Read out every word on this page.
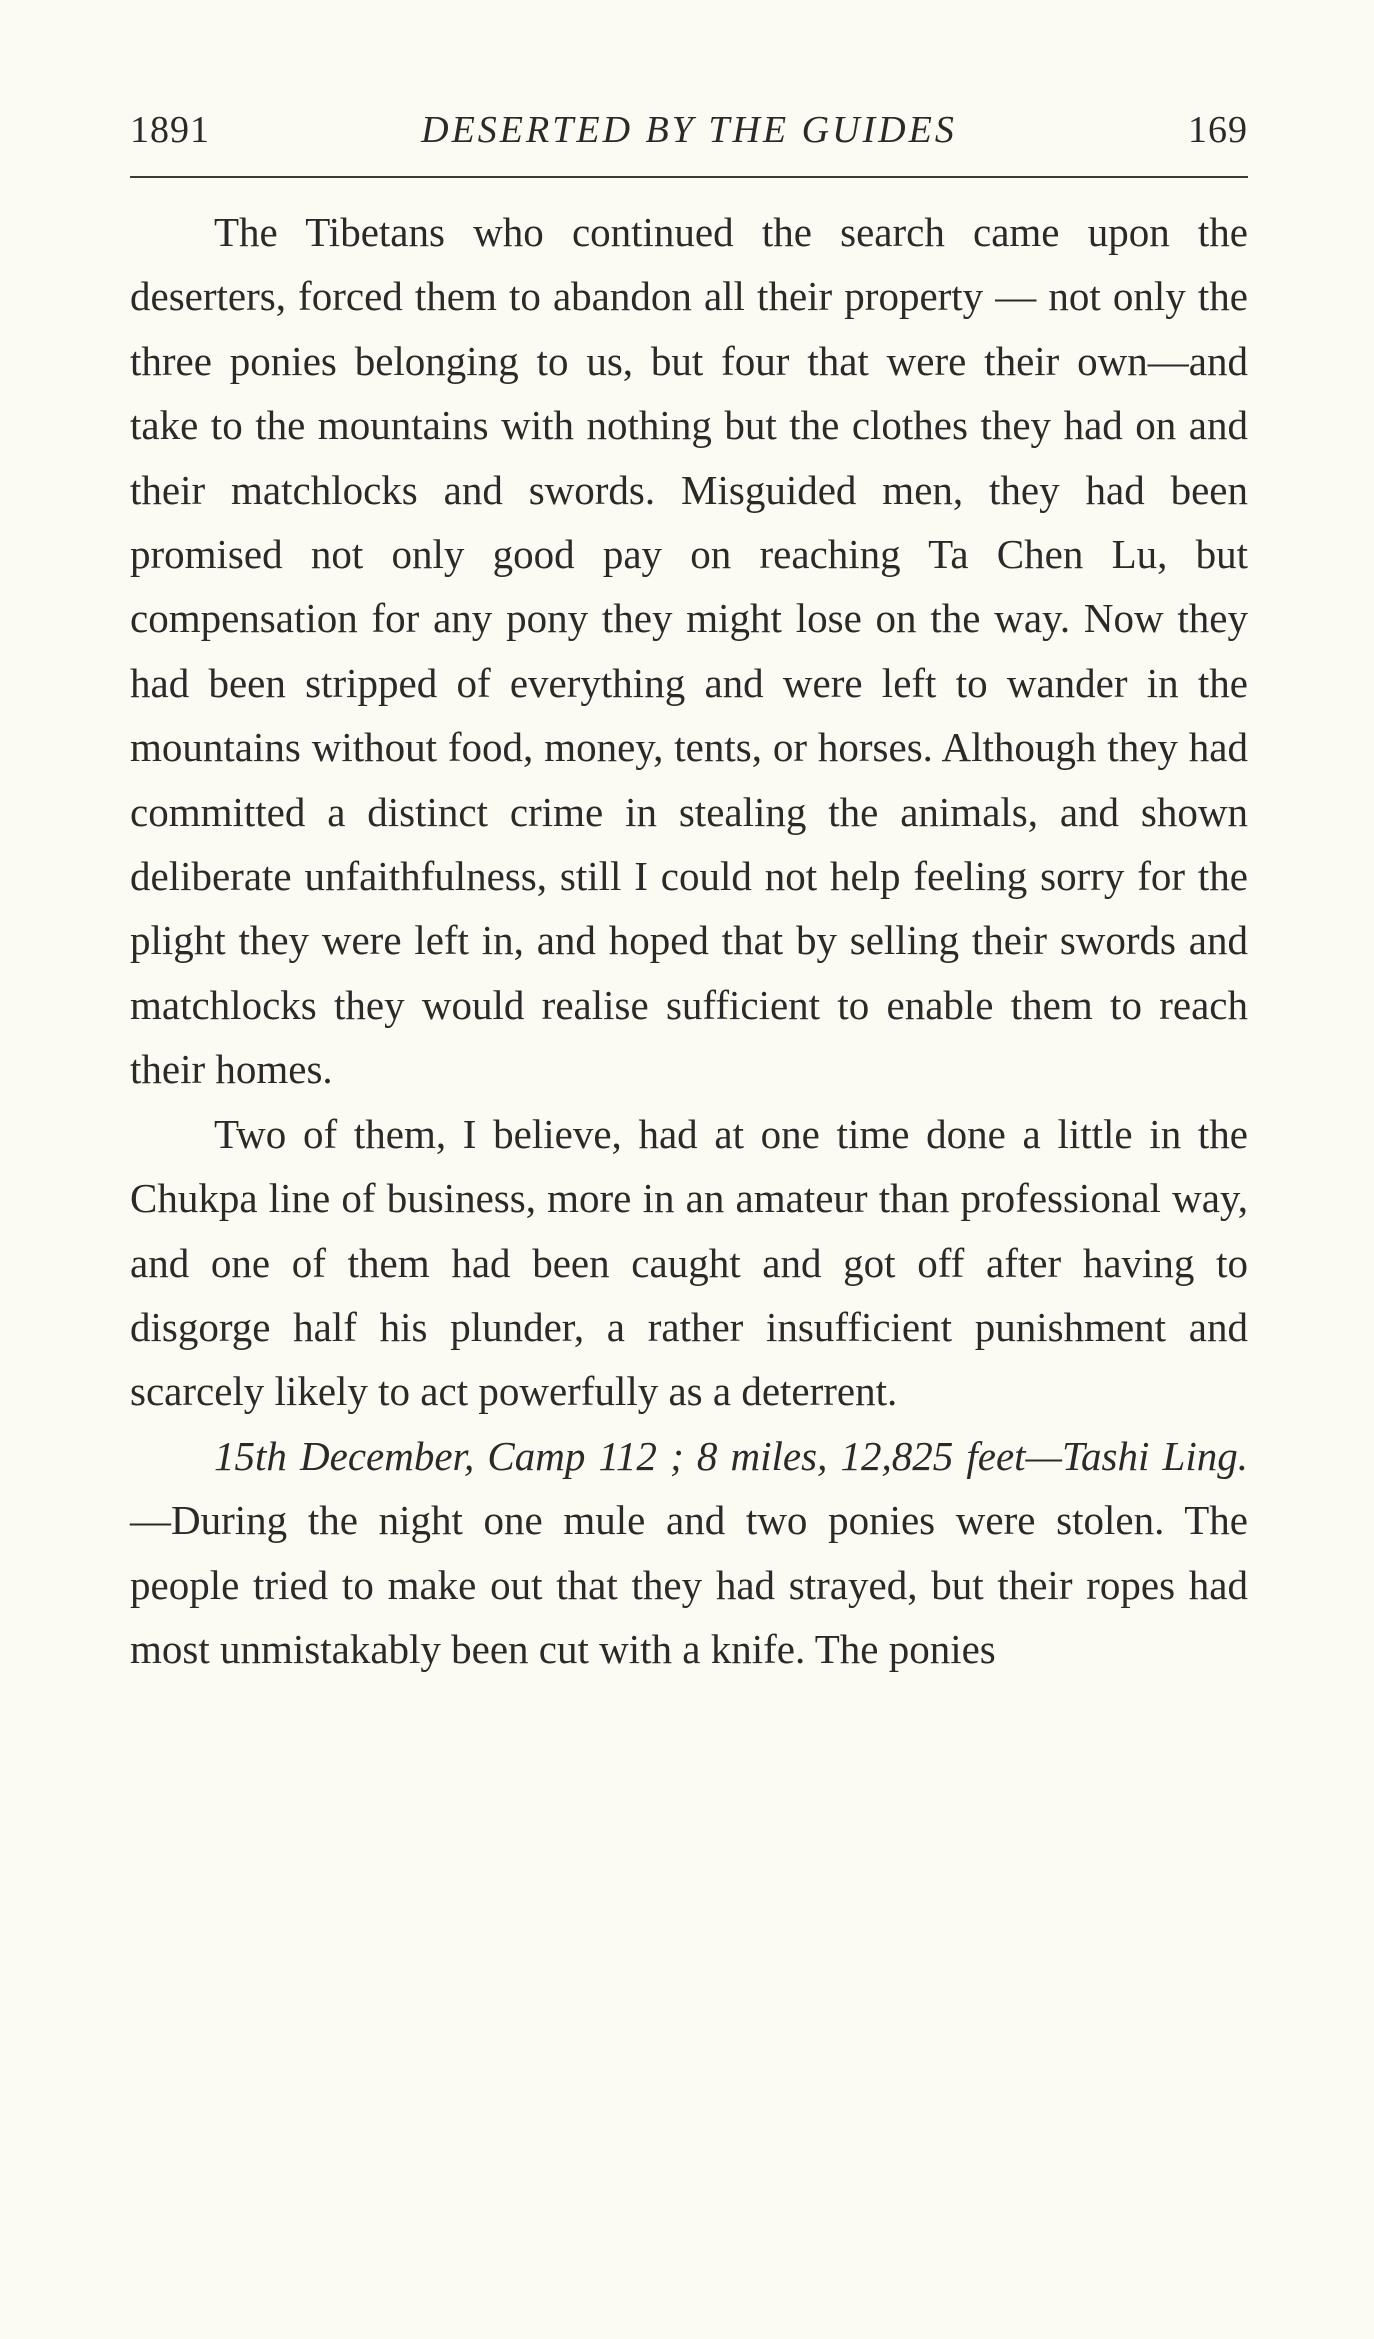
1891	DESERTED BY THE GUIDES	169

The Tibetans who continued the search came upon the deserters, forced them to abandon all their property — not only the three ponies belonging to us, but four that were their own—and take to the mountains with nothing but the clothes they had on and their matchlocks and swords. Misguided men, they had been promised not only good pay on reaching Ta Chen Lu, but compensation for any pony they might lose on the way. Now they had been stripped of everything and were left to wander in the mountains without food, money, tents, or horses. Although they had committed a distinct crime in stealing the animals, and shown deliberate unfaithfulness, still I could not help feeling sorry for the plight they were left in, and hoped that by selling their swords and matchlocks they would realise sufficient to enable them to reach their homes.

Two of them, I believe, had at one time done a little in the Chukpa line of business, more in an amateur than professional way, and one of them had been caught and got off after having to disgorge half his plunder, a rather insufficient punishment and scarcely likely to act powerfully as a deterrent.

15th December, Camp 112 ; 8 miles, 12,825 feet—Tashi Ling.—During the night one mule and two ponies were stolen. The people tried to make out that they had strayed, but their ropes had most unmistakably been cut with a knife. The ponies
